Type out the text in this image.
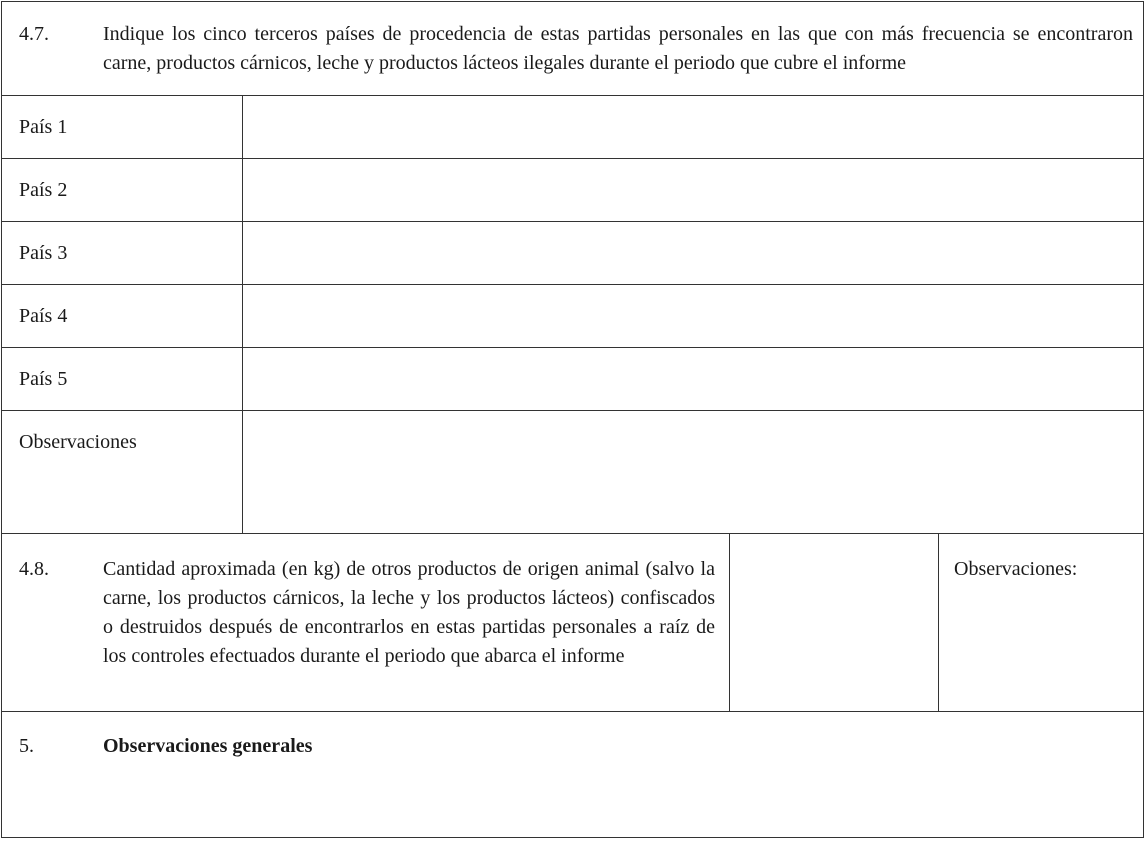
4.7.	Indique los cinco terceros países de procedencia de estas partidas personales en las que con más frecuencia se encontraron carne, productos cárnicos, leche y productos lácteos ilegales durante el periodo que cubre el informe
País 1
País 2
País 3
País 4
País 5
Observaciones
4.8.	Cantidad aproximada (en kg) de otros productos de origen animal (salvo la carne, los productos cárnicos, la leche y los productos lácteos) confiscados o destruidos después de encontrarlos en estas partidas personales a raíz de los controles efectuados durante el periodo que abarca el informe
Observaciones:
5.	Observaciones generales
